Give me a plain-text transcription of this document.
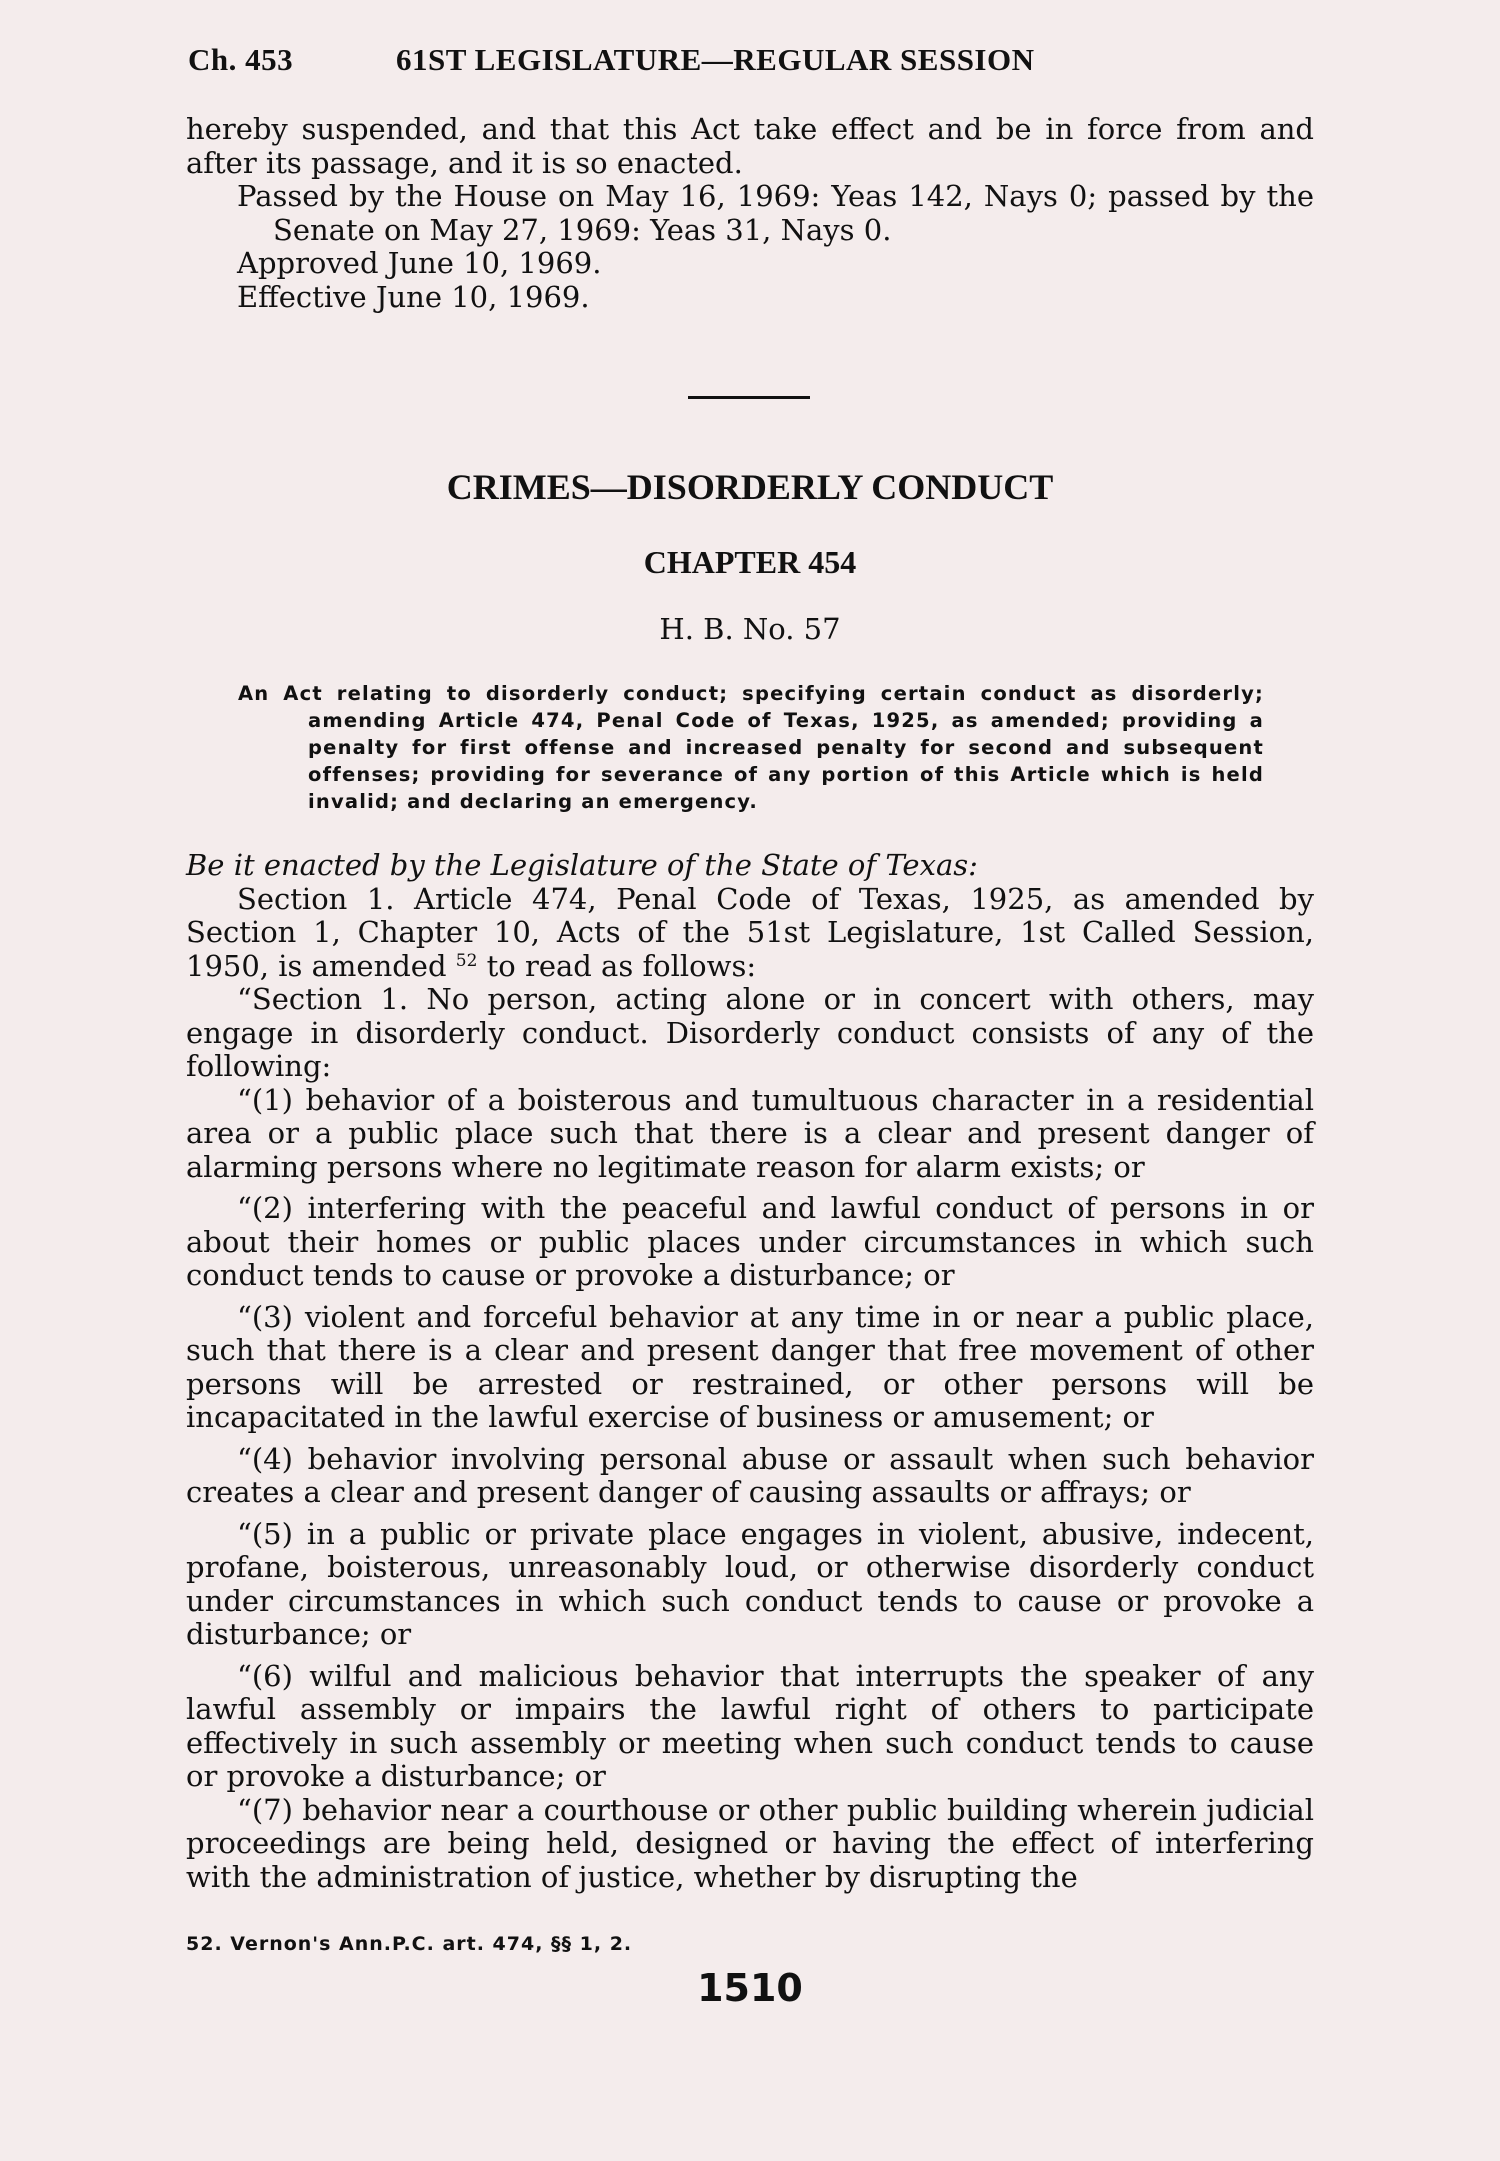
Ch. 453	61ST LEGISLATURE—REGULAR SESSION

hereby suspended, and that this Act take effect and be in force from and after its passage, and it is so enacted.

Passed by the House on May 16, 1969: Yeas 142, Nays 0; passed by the Senate on May 27, 1969: Yeas 31, Nays 0.

Approved June 10, 1969.

Effective June 10, 1969.

CRIMES—DISORDERLY CONDUCT
CHAPTER 454
H. B. No. 57

An Act relating to disorderly conduct; specifying certain conduct as disorderly; amending Article 474, Penal Code of Texas, 1925, as amended; providing a penalty for first offense and increased penalty for second and subsequent offenses; providing for severance of any portion of this Article which is held invalid; and declaring an emergency.

Be it enacted by the Legislature of the State of Texas:

Section 1. Article 474, Penal Code of Texas, 1925, as amended by Section 1, Chapter 10, Acts of the 51st Legislature, 1st Called Session, 1950, is amended $^{52}$ to read as follows:

“Section 1. No person, acting alone or in concert with others, may engage in disorderly conduct. Disorderly conduct consists of any of the following:

“(1) behavior of a boisterous and tumultuous character in a residential area or a public place such that there is a clear and present danger of alarming persons where no legitimate reason for alarm exists; or

“(2) interfering with the peaceful and lawful conduct of persons in or about their homes or public places under circumstances in which such conduct tends to cause or provoke a disturbance; or

“(3) violent and forceful behavior at any time in or near a public place, such that there is a clear and present danger that free movement of other persons will be arrested or restrained, or other persons will be incapacitated in the lawful exercise of business or amusement; or

“(4) behavior involving personal abuse or assault when such behavior creates a clear and present danger of causing assaults or affrays; or

“(5) in a public or private place engages in violent, abusive, indecent, profane, boisterous, unreasonably loud, or otherwise disorderly conduct under circumstances in which such conduct tends to cause or provoke a disturbance; or

“(6) wilful and malicious behavior that interrupts the speaker of any lawful assembly or impairs the lawful right of others to participate effectively in such assembly or meeting when such conduct tends to cause or provoke a disturbance; or

“(7) behavior near a courthouse or other public building wherein judicial proceedings are being held, designed or having the effect of interfering with the administration of justice, whether by disrupting the

52. Vernon's Ann.P.C. art. 474, §§ 1, 2.
1510
